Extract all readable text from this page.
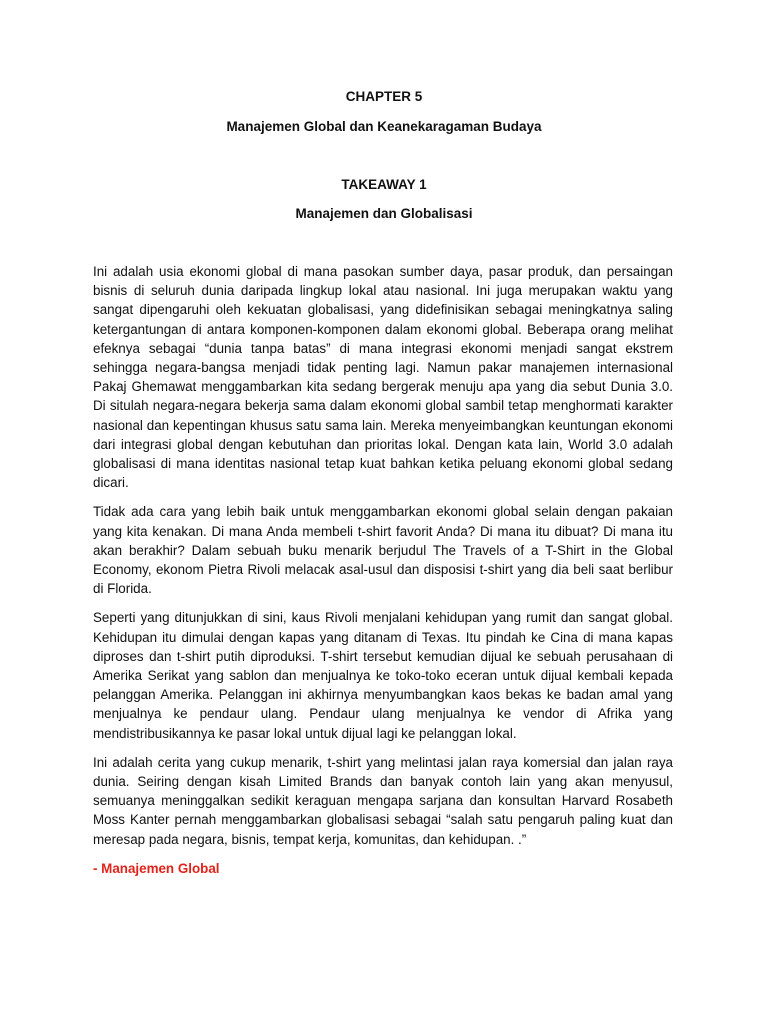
CHAPTER 5

Manajemen Global dan Keanekaragaman Budaya

TAKEAWAY 1

Manajemen dan Globalisasi

Ini adalah usia ekonomi global di mana pasokan sumber daya, pasar produk, dan persaingan bisnis di seluruh dunia daripada lingkup lokal atau nasional. Ini juga merupakan waktu yang sangat dipengaruhi oleh kekuatan globalisasi, yang didefinisikan sebagai meningkatnya saling ketergantungan di antara komponen-komponen dalam ekonomi global. Beberapa orang melihat efeknya sebagai “dunia tanpa batas” di mana integrasi ekonomi menjadi sangat ekstrem sehingga negara-bangsa menjadi tidak penting lagi. Namun pakar manajemen internasional Pakaj Ghemawat menggambarkan kita sedang bergerak menuju apa yang dia sebut Dunia 3.0. Di situlah negara-negara bekerja sama dalam ekonomi global sambil tetap menghormati karakter nasional dan kepentingan khusus satu sama lain. Mereka menyeimbangkan keuntungan ekonomi dari integrasi global dengan kebutuhan dan prioritas lokal. Dengan kata lain, World 3.0 adalah globalisasi di mana identitas nasional tetap kuat bahkan ketika peluang ekonomi global sedang dicari.

Tidak ada cara yang lebih baik untuk menggambarkan ekonomi global selain dengan pakaian yang kita kenakan. Di mana Anda membeli t-shirt favorit Anda? Di mana itu dibuat? Di mana itu akan berakhir? Dalam sebuah buku menarik berjudul The Travels of a T-Shirt in the Global Economy, ekonom Pietra Rivoli melacak asal-usul dan disposisi t-shirt yang dia beli saat berlibur di Florida.

Seperti yang ditunjukkan di sini, kaus Rivoli menjalani kehidupan yang rumit dan sangat global. Kehidupan itu dimulai dengan kapas yang ditanam di Texas. Itu pindah ke Cina di mana kapas diproses dan t-shirt putih diproduksi. T-shirt tersebut kemudian dijual ke sebuah perusahaan di Amerika Serikat yang sablon dan menjualnya ke toko-toko eceran untuk dijual kembali kepada pelanggan Amerika. Pelanggan ini akhirnya menyumbangkan kaos bekas ke badan amal yang menjualnya ke pendaur ulang. Pendaur ulang menjualnya ke vendor di Afrika yang mendistribusikannya ke pasar lokal untuk dijual lagi ke pelanggan lokal.

Ini adalah cerita yang cukup menarik, t-shirt yang melintasi jalan raya komersial dan jalan raya dunia. Seiring dengan kisah Limited Brands dan banyak contoh lain yang akan menyusul, semuanya meninggalkan sedikit keraguan mengapa sarjana dan konsultan Harvard Rosabeth Moss Kanter pernah menggambarkan globalisasi sebagai “salah satu pengaruh paling kuat dan meresap pada negara, bisnis, tempat kerja, komunitas, dan kehidupan. .”

- Manajemen Global
